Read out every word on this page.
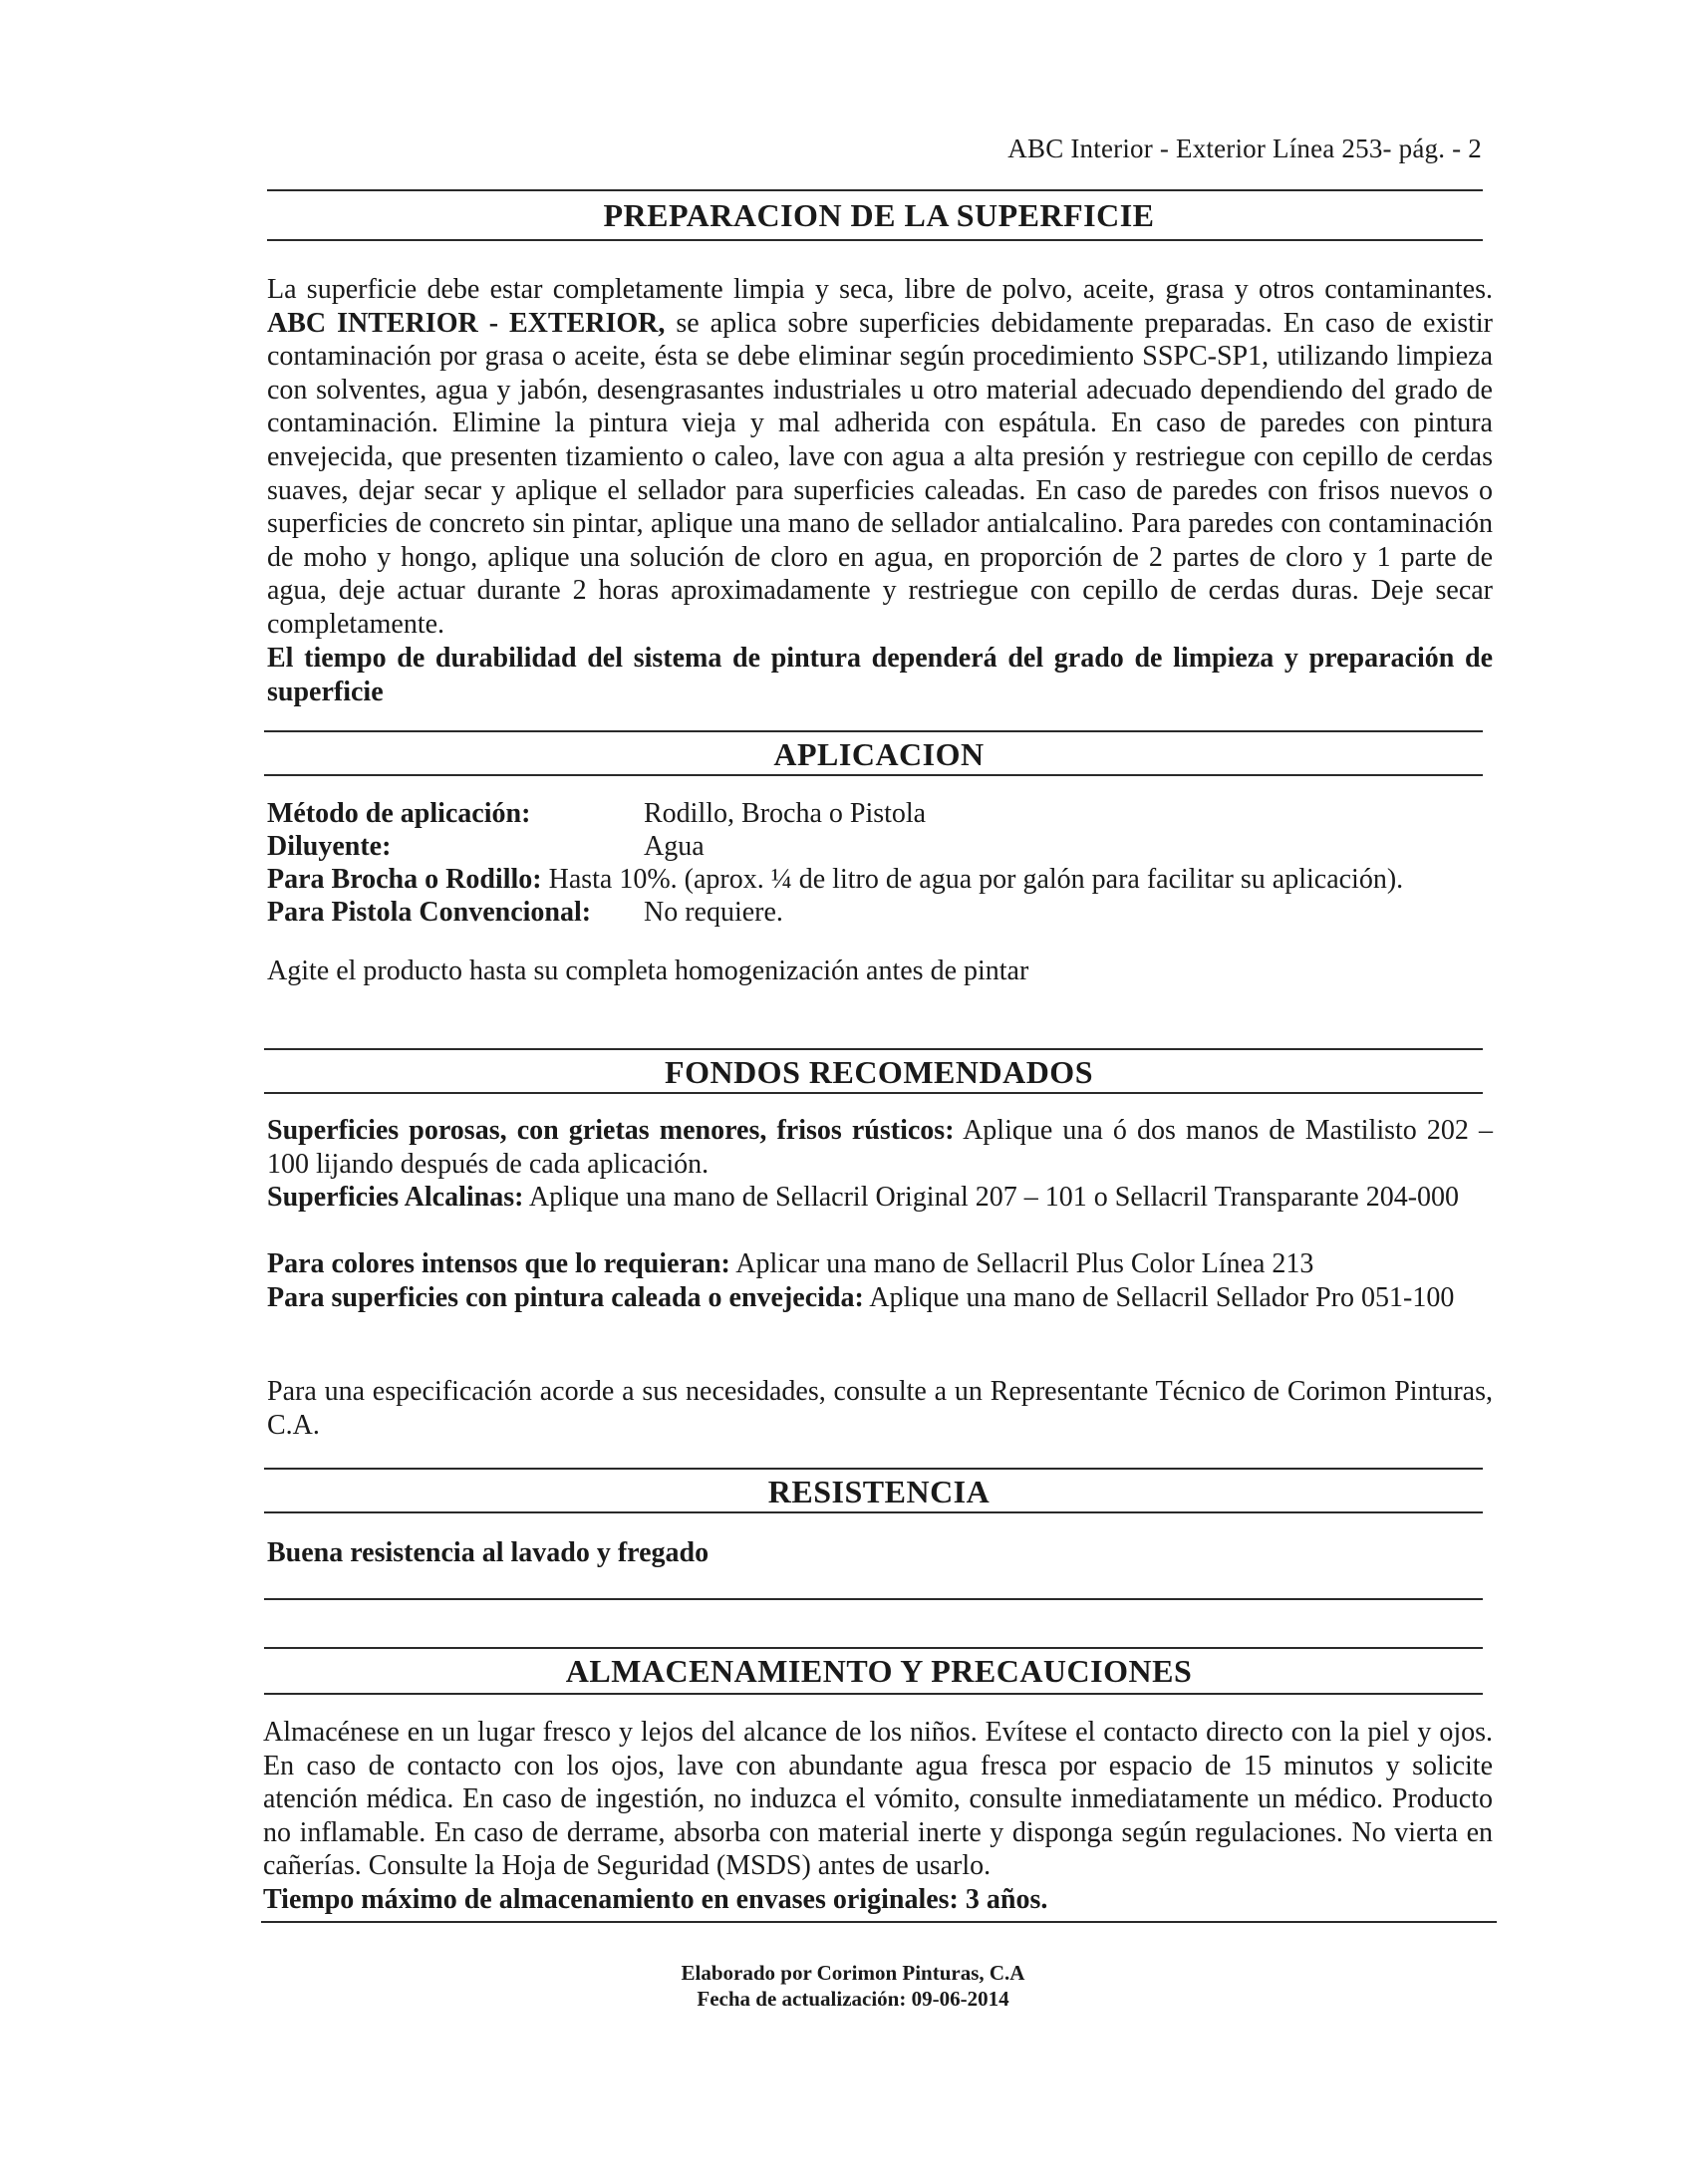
ABC Interior - Exterior Línea 253- pág. - 2
PREPARACION DE LA SUPERFICIE
La superficie debe estar completamente limpia y seca, libre de polvo, aceite, grasa y otros contaminantes. ABC INTERIOR - EXTERIOR, se aplica sobre superficies debidamente preparadas. En caso de existir contaminación por grasa o aceite, ésta se debe eliminar según procedimiento SSPC-SP1, utilizando limpieza con solventes, agua y jabón, desengrasantes industriales u otro material adecuado dependiendo del grado de contaminación. Elimine la pintura vieja y mal adherida con espátula. En caso de paredes con pintura envejecida, que presenten tizamiento o caleo, lave con agua a alta presión y restriegue con cepillo de cerdas suaves, dejar secar y aplique el sellador para superficies caleadas. En caso de paredes con frisos nuevos o superficies de concreto sin pintar, aplique una mano de sellador antialcalino. Para paredes con contaminación de moho y hongo, aplique una solución de cloro en agua, en proporción de 2 partes de cloro y 1 parte de agua, deje actuar durante 2 horas aproximadamente y restriegue con cepillo de cerdas duras. Deje secar completamente.
El tiempo de durabilidad del sistema de pintura dependerá del grado de limpieza y preparación de superficie
APLICACION
Método de aplicación:	Rodillo, Brocha o Pistola
Diluyente:	Agua
Para Brocha o Rodillo: Hasta 10%. (aprox. ¼ de litro de agua por galón para facilitar su aplicación).
Para Pistola Convencional: No requiere.
Agite el producto hasta su completa homogenización antes de pintar
FONDOS RECOMENDADOS
Superficies porosas, con grietas menores, frisos rústicos: Aplique una ó dos manos de Mastilisto 202 – 100 lijando después de cada aplicación.
Superficies Alcalinas: Aplique una mano de Sellacril Original 207 – 101 o Sellacril Transparante 204-000
Para colores intensos que lo requieran: Aplicar una mano de Sellacril Plus Color Línea 213
Para superficies con pintura caleada o envejecida: Aplique una mano de Sellacril Sellador Pro 051-100
Para una especificación acorde a sus necesidades, consulte a un Representante Técnico de Corimon Pinturas, C.A.
RESISTENCIA
Buena resistencia al lavado y fregado
ALMACENAMIENTO Y PRECAUCIONES
Almacénese en un lugar fresco y lejos del alcance de los niños. Evítese el contacto directo con la piel y ojos. En caso de contacto con los ojos, lave con abundante agua fresca por espacio de 15 minutos y solicite atención médica. En caso de ingestión, no induzca el vómito, consulte inmediatamente un médico. Producto no inflamable. En caso de derrame, absorba con material inerte y disponga según regulaciones. No vierta en cañerías. Consulte la Hoja de Seguridad (MSDS) antes de usarlo.
Tiempo máximo de almacenamiento en envases originales: 3 años.
Elaborado por Corimon Pinturas, C.A
Fecha de actualización: 09-06-2014
